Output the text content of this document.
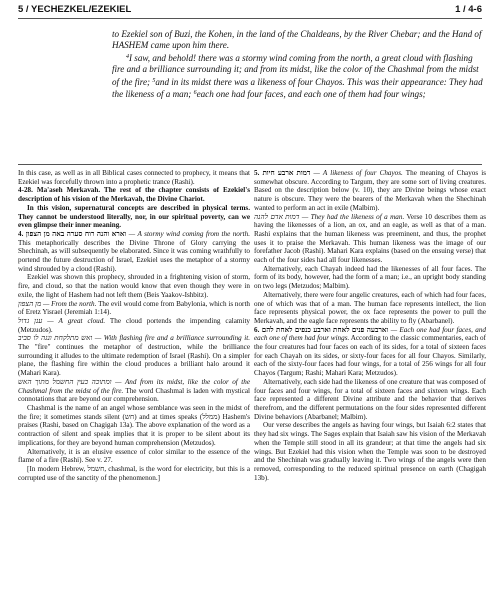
5 / YECHEZKEL/EZEKIEL	1 / 4-6

to Ezekiel son of Buzi, the Kohen, in the land of the Chaldeans, by the River Chebar; and the Hand of HASHEM came upon him there.

$^4$I saw, and behold! there was a stormy wind coming from the north, a great cloud with flashing fire and a brilliance surrounding it; and from its midst, like the color of the Chashmal from the midst of the fire; $^5$and in its midst there was a likeness of four Chayos. This was their appearance: They had the likeness of a man; $^6$each one had four faces, and each one of them had four wings;

In this case, as well as in all Biblical cases connected to prophecy, it means that Ezekiel was forcefully thrown into a prophetic trance (Rashi).

4-28. Ma'aseh Merkavah. The rest of the chapter consists of Ezekiel's description of his vision of the Merkavah, the Divine Chariot.

In this vision, supernatural concepts are described in physical terms. They cannot be understood literally, nor, in our spiritual poverty, can we even glimpse their inner meaning.

4. וארא והנה רוח סערה באה מן הצפון — A stormy wind coming from the north. This metaphorically describes the Divine Throne of Glory carrying the Shechinah, as will subsequently be elaborated. Since it was coming wrathfully to portend the future destruction of Israel, Ezekiel uses the metaphor of a stormy wind shrouded by a cloud (Rashi).

Ezekiel was shown this prophecy, shrouded in a frightening vision of storm, fire, and cloud, so that the nation would know that even though they were in exile, the light of Hashem had not left them (Beis Yaakov-Ishbitz).

מן הצפון — From the north. The evil would come from Babylonia, which is north of Eretz Yisrael (Jeremiah 1:14).

ענן גדול — A great cloud. The cloud portends the impending calamity (Metzudos).

ואש מתלקחת ונגה לו סביב — With flashing fire and a brilliance surrounding it. The "fire" continues the metaphor of destruction, while the brilliance surrounding it alludes to the ultimate redemption of Israel (Rashi). On a simpler plane, the flashing fire within the cloud produces a brilliant halo around it (Mahari Kara).

ומתוכה כעין החשמל מתוך האש — And from its midst, like the color of the Chashmal from the midst of the fire. The word Chashmal is laden with mystical connotations that are beyond our comprehension.

Chashmal is the name of an angel whose semblance was seen in the midst of the fire; it sometimes stands silent (חש) and at times speaks (ממלל) Hashem's praises (Rashi, based on Chagigah 13a). The above explanation of the word as a contraction of silent and speak implies that it is proper to be silent about its implications, for they are beyond human comprehension (Metzudos).

Alternatively, it is an elusive essence of color similar to the essence of the flame of a fire (Rashi). See v. 27.

[In modern Hebrew, חשמל, chashmal, is the word for electricity, but this is a corrupted use of the sanctity of the phenomenon.]

5. דמות ארבע חיות — A likeness of four Chayos. The meaning of Chayos is somewhat obscure. According to Targum, they are some sort of living creatures. Based on the description below (v. 10), they are Divine beings whose exact nature is obscure. They were the bearers of the Merkavah when the Shechinah wanted to perform an act in exile (Malbim).

דמות אדם להנה — They had the likeness of a man. Verse 10 describes them as having the likenesses of a lion, an ox, and an eagle, as well as that of a man. Rashi explains that the human likeness was preeminent, and thus, the prophet uses it to praise the Merkavah. This human likeness was the image of our forefather Jacob (Rashi). Mahari Kara explains (based on the ensuing verse) that each of the four sides had all four likenesses.

Alternatively, each Chayah indeed had the likenesses of all four faces. The form of its body, however, had the form of a man; i.e., an upright body standing on two legs (Metzudos; Malbim).

Alternatively, there were four angelic creatures, each of which had four faces, one of which was that of a man. The human face represents intellect, the lion face represents physical power, the ox face represents the power to pull the Merkavah, and the eagle face represents the ability to fly (Abarbanel).

6. וארבעה פנים לאחת וארבע כנפים לאחת להם — Each one had four faces, and each one of them had four wings. According to the classic commentaries, each of the four creatures had four faces on each of its sides, for a total of sixteen faces for each Chayah on its sides, or sixty-four faces for all four Chayos. Similarly, each of the sixty-four faces had four wings, for a total of 256 wings for all four Chayos (Targum; Rashi; Mahari Kara; Metzudos).

Alternatively, each side had the likeness of one creature that was composed of four faces and four wings, for a total of sixteen faces and sixteen wings. Each face represented a different Divine attribute and the behavior that derives therefrom, and the different permutations on the four sides represented different Divine behaviors (Abarbanel; Malbim).

Our verse describes the angels as having four wings, but Isaiah 6:2 states that they had six wings. The Sages explain that Isaiah saw his vision of the Merkavah when the Temple still stood in all its grandeur; at that time the angels had six wings. But Ezekiel had this vision when the Temple was soon to be destroyed and the Shechinah was gradually leaving it. Two wings of the angels were then removed, corresponding to the reduced spiritual presence on earth (Chagigah 13b).
